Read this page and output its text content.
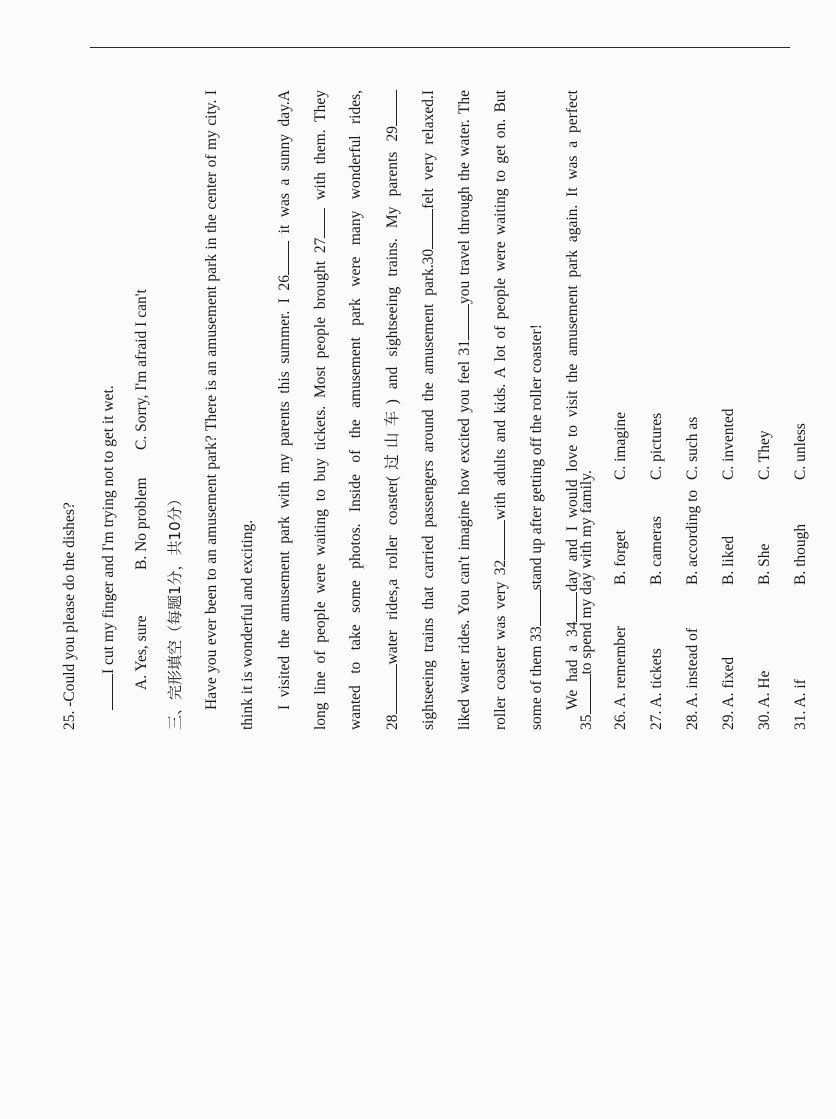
25. -Could you please do the dishes? I cut my finger and I'm trying not to get it wet. A. Yes, sure
B. No problem
C. Sorry, I'm afraid I can't
三、完形填空（每题1分，共10分） Have you ever been to an amusement park? There is an amusement park in the center of my city. I think it is wonderful and exciting. I visited the amusement park with my parents this summer. I 26 it was a sunny day.A
long line of people were waiting to buy tickets. Most people brought 27 with them. They wanted to take some photos. Inside of the amusement park were many wonderful rides, 28water rides,a roller coaster(过山车) and sightseeing trains. My parents 29 sightseeing trains that carried passengers around the amusement park.30felt very relaxed.I
liked water rides. You can't imagine how excited you feel 31you travel through the water. The
roller coaster was very 32with adults and kids. A lot of people were waiting to get on. But
some of them 33stand up after getting off the roller coaster!
We had a 34day and I would love to visit the amusement park again. It was a perfect
35to spend my day with my family.
26. A. remember
B. forget
C. imagine
27. A. tickets
B. cameras
C. pictures
28. A. instead of
B. according to
C. such as
29. A. fixed
B. liked
C. invented
30. A. He
B. She
C. They
31. A. if
B. though
C. unless
